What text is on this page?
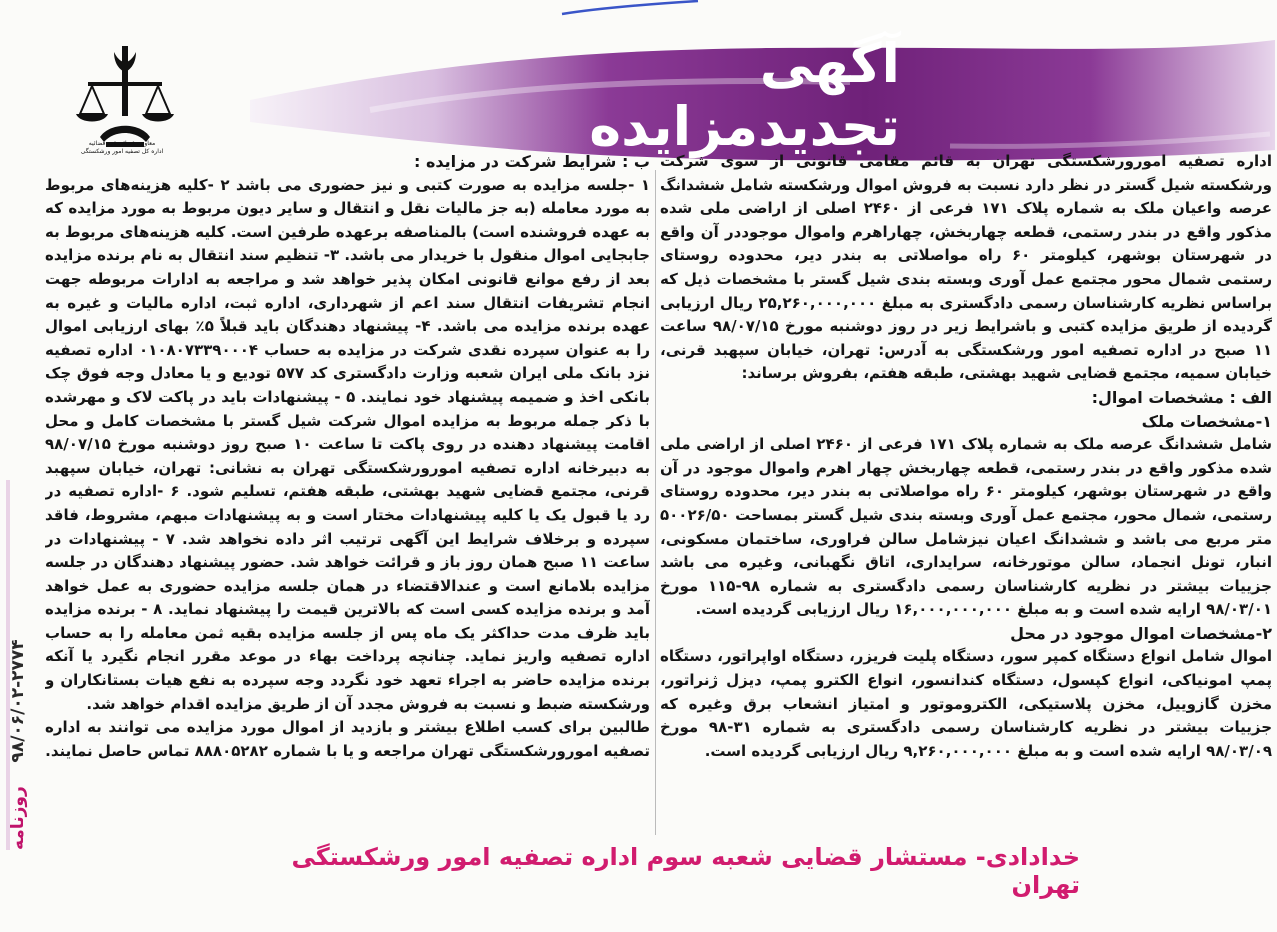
آگهی تجدیدمزایده
معاونت قضائی قوه قضائیه
اداره کل تصفیه امور ورشکستگی
۹۸/۰۶/۰۲-۲۷۷۴    روزنامه

اداره تصفیه امورورشکستگی تهران به قائم مقامی قانونی از سوی شرکت ورشکسته شیل گستر در نظر دارد نسبت به فروش اموال ورشکسته شامل ششدانگ عرصه واعیان ملک به شماره پلاک ۱۷۱ فرعی از ۲۴۶۰ اصلی از اراضی ملی شده مذکور واقع در بندر رستمی، قطعه چهاربخش، چهاراهرم واموال موجوددر آن واقع در شهرستان بوشهر، کیلومتر ۶۰ راه مواصلاتی به بندر دیر، محدوده روستای رستمی شمال محور مجتمع عمل آوری وبسته بندی شیل گستر با مشخصات ذیل که براساس نظریه کارشناسان رسمی دادگستری به مبلغ ۲۵,۲۶۰,۰۰۰,۰۰۰ ریال ارزیابی گردیده از طریق مزایده کتبی و باشرایط زیر در روز دوشنبه مورخ ۹۸/۰۷/۱۵ ساعت ۱۱ صبح در اداره تصفیه امور ورشکستگی به آدرس: تهران، خیابان سپهبد قرنی، خیابان سمیه، مجتمع قضایی شهید بهشتی، طبقه هفتم، بفروش برساند:

الف : مشخصات اموال:

۱-مشخصات ملک

شامل ششدانگ عرصه ملک به شماره پلاک ۱۷۱ فرعی از ۲۴۶۰ اصلی از اراضی ملی شده مذکور واقع در بندر رستمی، قطعه چهاربخش چهار اهرم واموال موجود در آن واقع در شهرستان بوشهر، کیلومتر ۶۰ راه مواصلاتی به بندر دیر، محدوده روستای رستمی، شمال محور، مجتمع عمل آوری وبسته بندی شیل گستر بمساحت ۵۰۰۲۶/۵۰ متر مربع می باشد و ششدانگ اعیان نیزشامل سالن فراوری، ساختمان مسکونی، انبار، تونل انجماد، سالن موتورخانه، سرایداری، اتاق نگهبانی، وغیره می باشد جزییات بیشتر در نظریه کارشناسان رسمی دادگستری به شماره ۹۸-۱۱۵ مورخ ۹۸/۰۳/۰۱ ارایه شده است و به مبلغ ۱۶,۰۰۰,۰۰۰,۰۰۰ ریال ارزیابی گردیده است.

۲-مشخصات اموال موجود در محل

اموال شامل انواع دستگاه کمپر سور، دستگاه پلیت فریزر، دستگاه اواپراتور، دستگاه پمپ امونیاکی، انواع کپسول، دستگاه کندانسور، انواع الکترو پمپ، دیزل ژنراتور، مخزن گازوییل، مخزن پلاستیکی، الکتروموتور و امتیاز انشعاب برق وغیره که جزییات بیشتر در نظریه کارشناسان رسمی دادگستری به شماره ۳۱-۹۸ مورخ ۹۸/۰۳/۰۹ ارایه شده است و به مبلغ ۹,۲۶۰,۰۰۰,۰۰۰ ریال ارزیابی گردیده است.

ب : شرایط شرکت در مزایده :

۱ -جلسه مزایده به صورت کتبی و نیز حضوری می باشد ۲ -کلیه هزینه‌های مربوط به مورد معامله (به جز مالیات نقل و انتقال و سایر دیون مربوط به مورد مزایده که به عهده فروشنده است) بالمناصفه برعهده طرفین است. کلیه هزینه‌های مربوط به جابجایی اموال منقول با خریدار می باشد. ۳- تنظیم سند انتقال به نام برنده مزایده بعد از رفع موانع قانونی امکان پذیر خواهد شد و مراجعه به ادارات مربوطه جهت انجام تشریفات انتقال سند اعم از شهرداری، اداره ثبت، اداره مالیات و غیره به عهده برنده مزایده می باشد. ۴- پیشنهاد دهندگان باید قبلاً ۵٪ بهای ارزیابی اموال را به عنوان سپرده نقدی شرکت در مزایده به حساب ۰۱۰۸۰۷۳۳۹۰۰۰۴ اداره تصفیه نزد بانک ملی ایران شعبه وزارت دادگستری کد ۵۷۷ توديع و يا معادل وجه فوق چک بانکی اخذ و ضمیمه پیشنهاد خود نمایند. ۵ - پیشنهادات باید در پاکت لاک و مهرشده با ذکر جمله مربوط به مزایده اموال شرکت شیل گستر با مشخصات کامل و محل اقامت پیشنهاد دهنده در روی پاکت تا ساعت ۱۰ صبح روز دوشنبه مورخ ۹۸/۰۷/۱۵ به دبیرخانه اداره تصفیه امورورشکستگی تهران به نشانی: تهران، خیابان سپهبد قرنی، مجتمع قضایی شهید بهشتی، طبقه هفتم، تسلیم شود. ۶ -اداره تصفیه در رد یا قبول یک یا کلیه پیشنهادات مختار است و به پیشنهادات مبهم، مشروط، فاقد سپرده و برخلاف شرایط این آگهی ترتیب اثر داده نخواهد شد. ۷ - پیشنهادات در ساعت ۱۱ صبح همان روز باز و قرائت خواهد شد. حضور پیشنهاد دهندگان در جلسه مزایده بلامانع است و عندالاقتضاء در همان جلسه مزایده حضوری به عمل خواهد آمد و برنده مزایده کسی است که بالاترین قیمت را پیشنهاد نماید. ۸ - برنده مزایده باید ظرف مدت حداکثر یک ماه پس از جلسه مزایده بقیه ثمن معامله را به حساب اداره تصفیه واریز نماید. چنانچه پرداخت بهاء در موعد مقرر انجام نگیرد یا آنکه برنده مزایده حاضر به اجراء تعهد خود نگردد وجه سپرده به نفع هیات بستانکاران و ورشکسته ضبط و نسبت به فروش مجدد آن از طریق مزایده اقدام خواهد شد.

طالبین برای کسب اطلاع بیشتر و بازدید از اموال مورد مزایده می توانند به اداره تصفیه امورورشکستگی تهران مراجعه و یا با شماره ۸۸۸۰۵۲۸۲ تماس حاصل نمایند.

خدادادی- مستشار قضایی شعبه سوم اداره تصفیه امور ورشکستگی تهران
